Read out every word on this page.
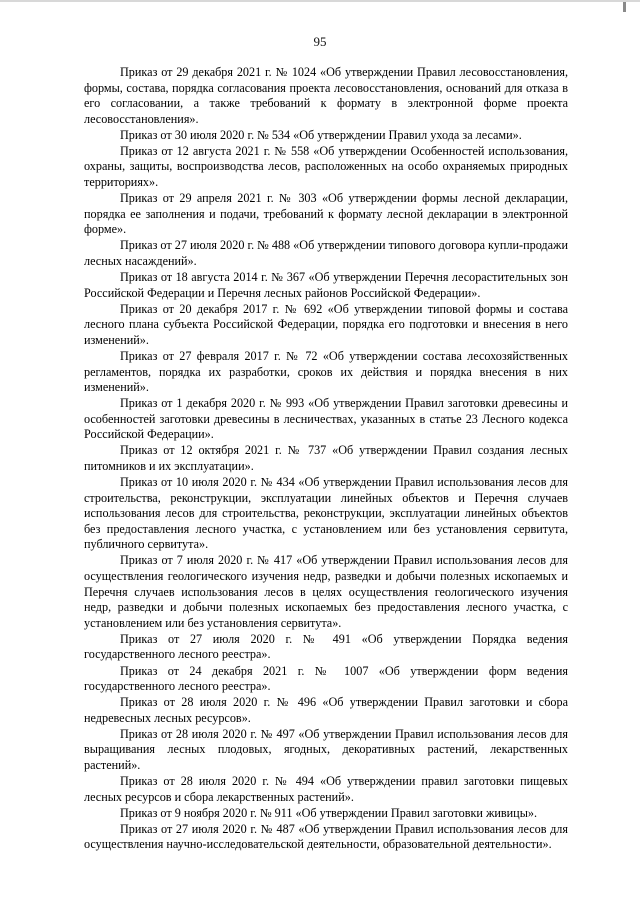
95

Приказ от 29 декабря 2021 г. № 1024 «Об утверждении Правил лесовосстановления, формы, состава, порядка согласования проекта лесовосстановления, оснований для отказа в его согласовании, а также требований к формату в электронной форме проекта лесовосстановления».

Приказ от 30 июля 2020 г. № 534 «Об утверждении Правил ухода за лесами».

Приказ от 12 августа 2021 г. № 558 «Об утверждении Особенностей использования, охраны, защиты, воспроизводства лесов, расположенных на особо охраняемых природных территориях».

Приказ от 29 апреля 2021 г. № 303 «Об утверждении формы лесной декларации, порядка ее заполнения и подачи, требований к формату лесной декларации в электронной форме».

Приказ от 27 июля 2020 г. № 488 «Об утверждении типового договора купли-продажи лесных насаждений».

Приказ от 18 августа 2014 г. № 367 «Об утверждении Перечня лесорастительных зон Российской Федерации и Перечня лесных районов Российской Федерации».

Приказ от 20 декабря 2017 г. № 692 «Об утверждении типовой формы и состава лесного плана субъекта Российской Федерации, порядка его подготовки и внесения в него изменений».

Приказ от 27 февраля 2017 г. № 72 «Об утверждении состава лесохозяйственных регламентов, порядка их разработки, сроков их действия и порядка внесения в них изменений».

Приказ от 1 декабря 2020 г. № 993 «Об утверждении Правил заготовки древесины и особенностей заготовки древесины в лесничествах, указанных в статье 23 Лесного кодекса Российской Федерации».

Приказ от 12 октября 2021 г. № 737 «Об утверждении Правил создания лесных питомников и их эксплуатации».

Приказ от 10 июля 2020 г. № 434 «Об утверждении Правил использования лесов для строительства, реконструкции, эксплуатации линейных объектов и Перечня случаев использования лесов для строительства, реконструкции, эксплуатации линейных объектов без предоставления лесного участка, с установлением или без установления сервитута, публичного сервитута».

Приказ от 7 июля 2020 г. № 417 «Об утверждении Правил использования лесов для осуществления геологического изучения недр, разведки и добычи полезных ископаемых и Перечня случаев использования лесов в целях осуществления геологического изучения недр, разведки и добычи полезных ископаемых без предоставления лесного участка, с установлением или без установления сервитута».

Приказ от 27 июля 2020 г. № 491 «Об утверждении Порядка ведения государственного лесного реестра».

Приказ от 24 декабря 2021 г. № 1007 «Об утверждении форм ведения государственного лесного реестра».

Приказ от 28 июля 2020 г. № 496 «Об утверждении Правил заготовки и сбора недревесных лесных ресурсов».

Приказ от 28 июля 2020 г. № 497 «Об утверждении Правил использования лесов для выращивания лесных плодовых, ягодных, декоративных растений, лекарственных растений».

Приказ от 28 июля 2020 г. № 494 «Об утверждении правил заготовки пищевых лесных ресурсов и сбора лекарственных растений».

Приказ от 9 ноября 2020 г. № 911 «Об утверждении Правил заготовки живицы».

Приказ от 27 июля 2020 г. № 487 «Об утверждении Правил использования лесов для осуществления научно-исследовательской деятельности, образовательной деятельности».
